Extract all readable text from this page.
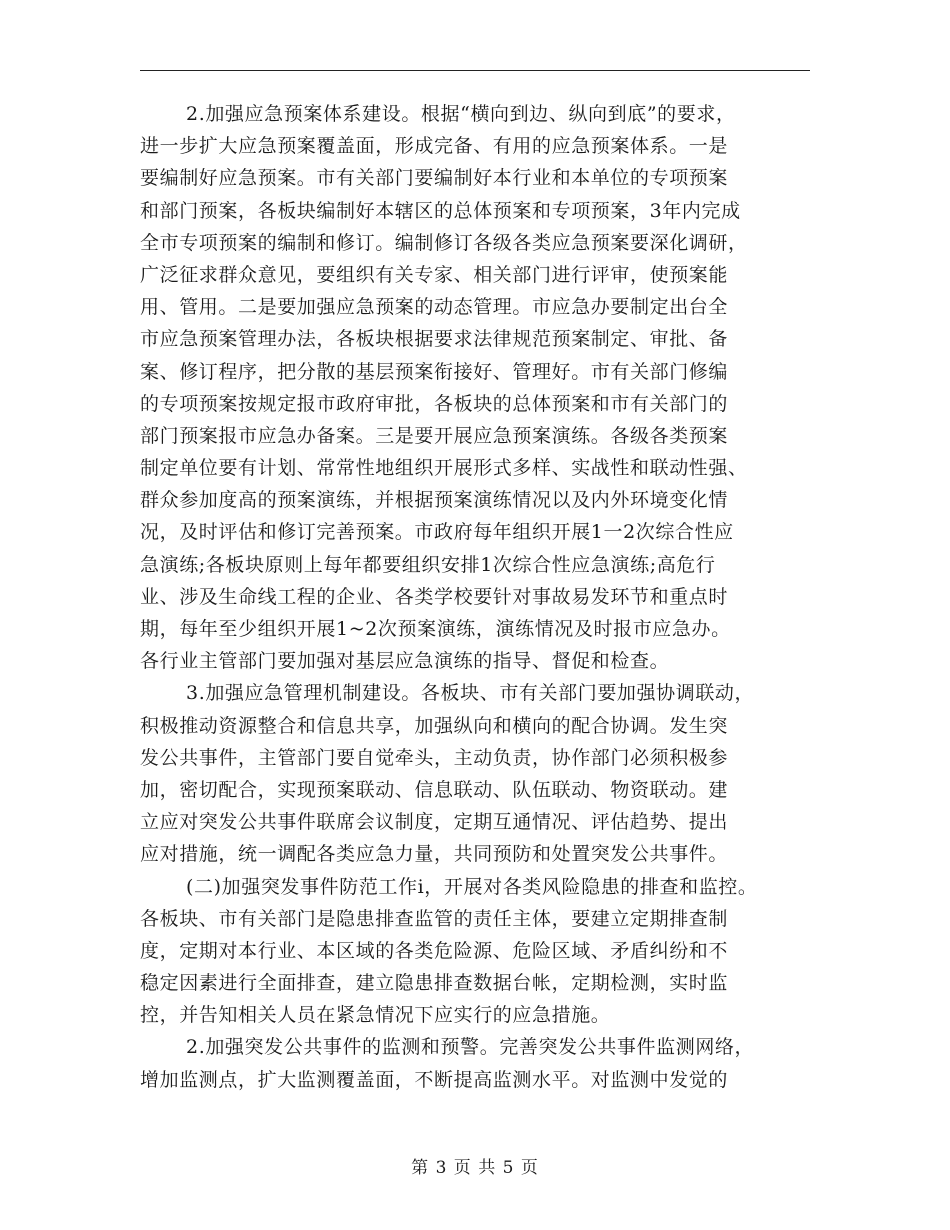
2.加强应急预案体系建设。根据“横向到边、纵向到底”的要求，
进一步扩大应急预案覆盖面，形成完备、有用的应急预案体系。一是
要编制好应急预案。市有关部门要编制好本行业和本单位的专项预案
和部门预案，各板块编制好本辖区的总体预案和专项预案，3年内完成
全市专项预案的编制和修订。编制修订各级各类应急预案要深化调研，
广泛征求群众意见，要组织有关专家、相关部门进行评审，使预案能
用、管用。二是要加强应急预案的动态管理。市应急办要制定出台全
市应急预案管理办法，各板块根据要求法律规范预案制定、审批、备
案、修订程序，把分散的基层预案衔接好、管理好。市有关部门修编
的专项预案按规定报市政府审批，各板块的总体预案和市有关部门的
部门预案报市应急办备案。三是要开展应急预案演练。各级各类预案
制定单位要有计划、常常性地组织开展形式多样、实战性和联动性强、
群众参加度高的预案演练，并根据预案演练情况以及内外环境变化情
况，及时评估和修订完善预案。市政府每年组织开展1一2次综合性应
急演练;各板块原则上每年都要组织安排1次综合性应急演练;高危行
业、涉及生命线工程的企业、各类学校要针对事故易发环节和重点时
期，每年至少组织开展1~2次预案演练，演练情况及时报市应急办。
各行业主管部门要加强对基层应急演练的指导、督促和检查。
3.加强应急管理机制建设。各板块、市有关部门要加强协调联动，
积极推动资源整合和信息共享，加强纵向和横向的配合协调。发生突
发公共事件，主管部门要自觉牵头，主动负责，协作部门必须积极参
加，密切配合，实现预案联动、信息联动、队伍联动、物资联动。建
立应对突发公共事件联席会议制度，定期互通情况、评估趋势、提出
应对措施，统一调配各类应急力量，共同预防和处置突发公共事件。
(二)加强突发事件防范工作i，开展对各类风险隐患的排查和监控。
各板块、市有关部门是隐患排查监管的责任主体，要建立定期排查制
度，定期对本行业、本区域的各类危险源、危险区域、矛盾纠纷和不
稳定因素进行全面排查，建立隐患排查数据台帐，定期检测，实时监
控，并告知相关人员在紧急情况下应实行的应急措施。
2.加强突发公共事件的监测和预警。完善突发公共事件监测网络，
增加监测点，扩大监测覆盖面，不断提高监测水平。对监测中发觉的
第 3 页 共 5 页
